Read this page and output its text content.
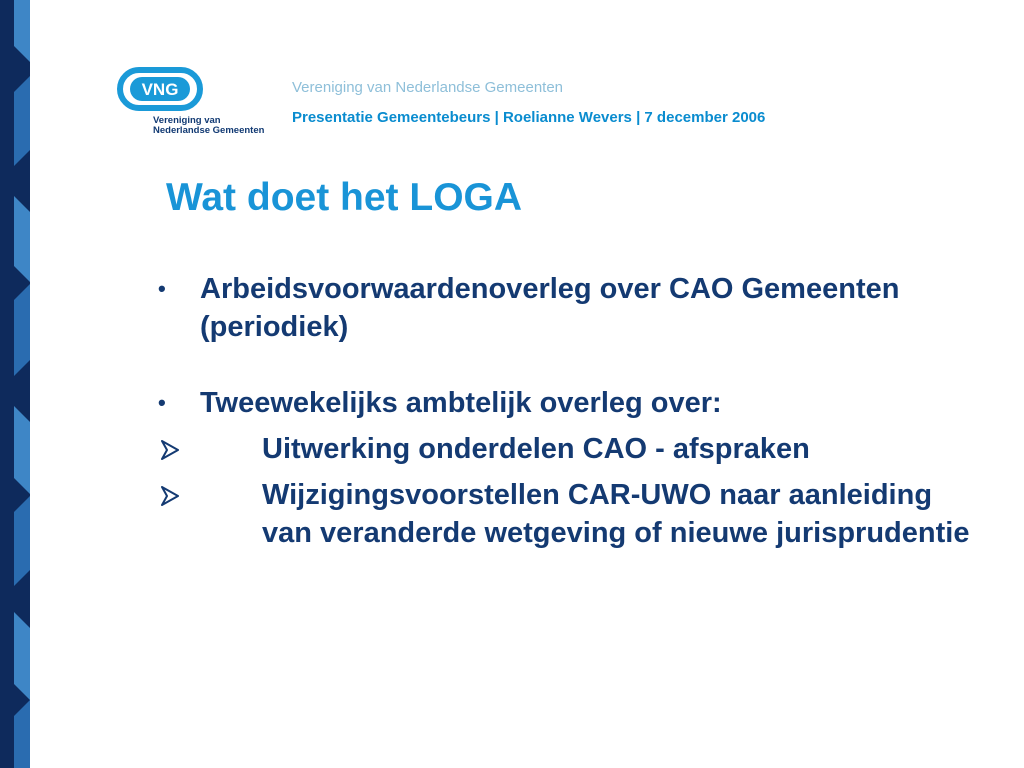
VNG

Vereniging van
Nederlandse Gemeenten

Vereniging van Nederlandse Gemeenten

Presentatie Gemeentebeurs | Roelianne Wevers | 7 december 2006

Wat doet het LOGA
•	Arbeidsvoorwaardenoverleg over CAO Gemeenten (periodiek)
•	Tweewekelijks ambtelijk overleg over:
Uitwerking onderdelen CAO - afspraken
Wijzigingsvoorstellen CAR-UWO naar aanleiding van veranderde wetgeving of nieuwe jurisprudentie
